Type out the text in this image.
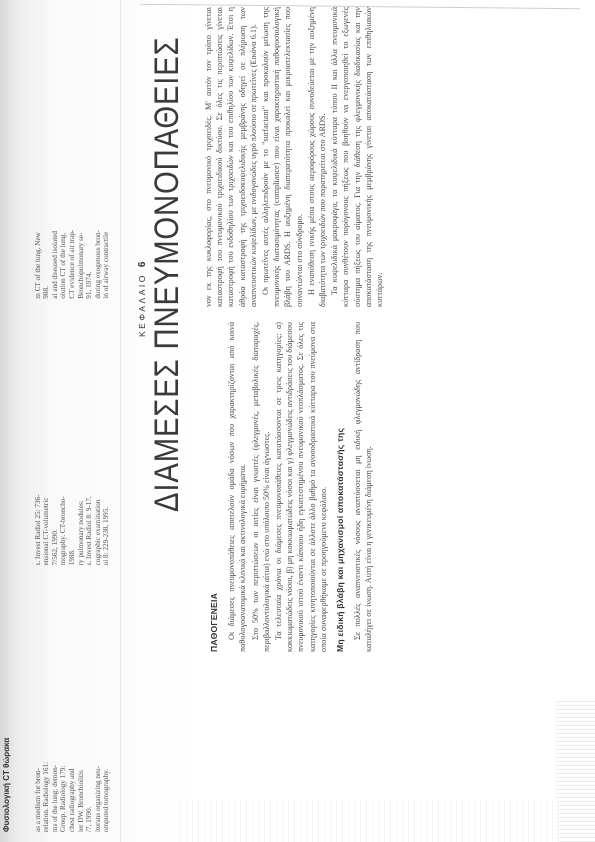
Φυσιολογική CT θώρακα	omputed tomography.
iterans organizing neu-
/7, 1990.
ler DW. Bronchiolitis
chest radiography and
Group. Radiology 179:
ms of the lung: demon-
relation. Radiology 161:
as a medium for bron-
ol 8: 229-238, 1995.
cographic examination
s. Invest Radiol 8: 9-17,
ry pulmonary nodules:
1988.
mography. CT-broncho-
7/562, 1990.
ensional CT-volumetric
s. Invest Radiol 25: 736-
in of airway contractile
during exogenous bron-
91, 1974.
Bronchopulmonary se-
CT evidence of air trap-
olution CT of the lung.
al and diseased isolated
988.
m CT of the lung. New
ΚΕΦΑΛΑΙΟ6 ΔΙΑΜΕΣΕΣ ΠΝΕΥΜΟΝΟΠΑΘΕΙΕΣ
ΠΑΘΟΓΕΝΕΙΑ Οι διάμεσες πνευμονοπάθειες αποτελούν ομάδα νόσων που χαρακτηρίζονται από κοινά παθολογοανατομικά κλινικά και ακτινολογικά ευρήματα. Στο 50% των περιπτώσεων οι αιτίες είναι γνωστές (φλεγμονές, μεταβολικές διαταραχές, περιβαλλοντολογικά αίτια) ενώ στο υπόλοιπο 50% είναι άγνωστες. Τα τελευταία χρόνια οι διάμεσες πνευμονοπάθειες κατατάσσονται σε τρεις κατηγορίες: α) κοκκιωματώδεις νόσοι, β) μη κοκκιωματώδεις νόσοι και γ) φλεγμονώδεις αντιδράσεις του διάμεσου πνευμονικού ιστού έναντι κάποιου ήδη εγκατεστημένου πνευμονικού νεοπλάσματος. Σε όλες τις κατηγορίες κινητοποιούνται σε άλλοτε άλλο βαθμό τα ανοσοδραστικά κύτταρα του πνεύμονα στα οποία συναφερθήκαμε σε προηγούμενο κεφάλαιο. Μη ειδική βλάβη και μηχανισμοί αποκατάστασής της Σε πολλές αναπνευστικές νόσους αναπτύσσεται μη ειδική φλεγμονώδης αντίδραση που καταλήγει σε ίνωση. Αυτή είναι η γενικευμένη διάμεση ίνωση.

νον εκ της κυκλοφορίας, στο πνευμονικό τριχοειδές. Μ' αυτόν τον τρόπο γίνεται καταστροφή του πνευμονικού τριχοειδικού δικτύου. Σε όλες τις περιπτώσεις γίνεται καταστροφή του ενδοθηλίου των τριχοειδών και του επιθηλίου των κυψελίδων. Έτσι η άθρόα καταστροφή της τριχοειδοκυψελιδικής μεμβράνης οδηγεί σε πλήρωση των αναπνευστικών κυψελίδων, με ινιδογονώδες υγρό πλούσιο σε πρωτεΐνες (Εικόνα 6.1). Οι πρωτεΐνες αυτές αλληλεπιδρούν με το "surfactant" και προκαλούν μείωση της πνευμονικής διατασιμότητας (compliance) που είναι χαρακτηριστική παθοφυσιολογική βλάβη του ARDS. Η αυξημένη διαπερατότητα προκαλεί και μικροατελεκτασίες που συναντώνται στο σύνδρομο. Η εναπόθεση ινικής μέσα στους αεροφόρους χώρους συνοδεύεται με την αυξημένη διαβατότητα των τριχοειδών που παρατηρείται στο ARDS. Τα κυψελιδικά μακροφάγα, τα κυψελιδικά κύτταρα τύπου ΙΙ και άλλα πνευμονικά κύτταρα συνθέτουν πορόγονους πήξεως που βοηθούν να ενεργοποιηθεί το εξωγενές σύστημα πήξεως του αίματος. Για την διάθεση της φλεγμονικής διαδικασίας και την αποκατάσταση της πνευμονικής μεμβράνης γίνεται αποκατάσταση των επιθηλιακών κυττάρων.
